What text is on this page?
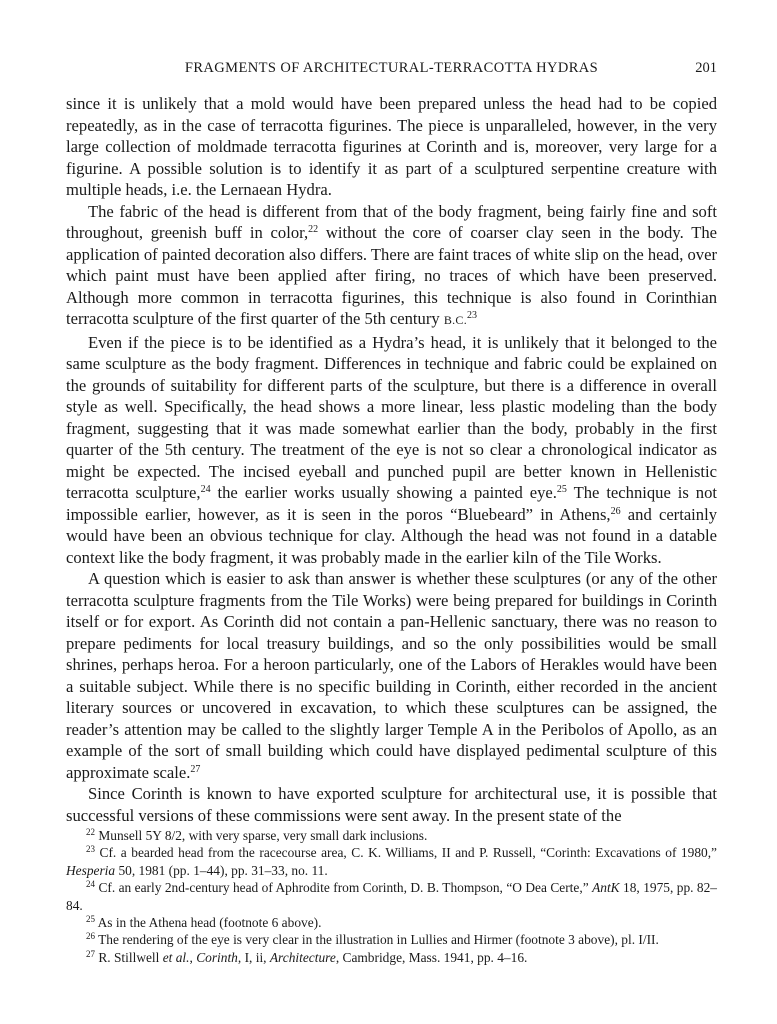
FRAGMENTS OF ARCHITECTURAL-TERRACOTTA HYDRAS	201

since it is unlikely that a mold would have been prepared unless the head had to be copied repeatedly, as in the case of terracotta figurines. The piece is unparalleled, however, in the very large collection of moldmade terracotta figurines at Corinth and is, moreover, very large for a figurine. A possible solution is to identify it as part of a sculptured serpentine creature with multiple heads, i.e. the Lernaean Hydra.

The fabric of the head is different from that of the body fragment, being fairly fine and soft throughout, greenish buff in color,$^{22}$ without the core of coarser clay seen in the body. The application of painted decoration also differs. There are faint traces of white slip on the head, over which paint must have been applied after firing, no traces of which have been preserved. Although more common in terracotta figurines, this technique is also found in Corinthian terracotta sculpture of the first quarter of the 5th century B.C.$^{23}$

Even if the piece is to be identified as a Hydra’s head, it is unlikely that it belonged to the same sculpture as the body fragment. Differences in technique and fabric could be explained on the grounds of suitability for different parts of the sculpture, but there is a difference in overall style as well. Specifically, the head shows a more linear, less plastic modeling than the body fragment, suggesting that it was made somewhat earlier than the body, probably in the first quarter of the 5th century. The treatment of the eye is not so clear a chronological indicator as might be expected. The incised eyeball and punched pupil are better known in Hellenistic terracotta sculpture,$^{24}$ the earlier works usually showing a painted eye.$^{25}$ The technique is not impossible earlier, however, as it is seen in the poros “Bluebeard” in Athens,$^{26}$ and certainly would have been an obvious technique for clay. Although the head was not found in a datable context like the body fragment, it was probably made in the earlier kiln of the Tile Works.

A question which is easier to ask than answer is whether these sculptures (or any of the other terracotta sculpture fragments from the Tile Works) were being prepared for buildings in Corinth itself or for export. As Corinth did not contain a pan-Hellenic sanctuary, there was no reason to prepare pediments for local treasury buildings, and so the only possibilities would be small shrines, perhaps heroa. For a heroon particularly, one of the Labors of Herakles would have been a suitable subject. While there is no specific building in Corinth, either recorded in the ancient literary sources or uncovered in excavation, to which these sculptures can be assigned, the reader’s attention may be called to the slightly larger Temple A in the Peribolos of Apollo, as an example of the sort of small building which could have displayed pedimental sculpture of this approximate scale.$^{27}$

Since Corinth is known to have exported sculpture for architectural use, it is possible that successful versions of these commissions were sent away. In the present state of the

$^{22}$ Munsell 5Y 8/2, with very sparse, very small dark inclusions.

$^{23}$ Cf. a bearded head from the racecourse area, C. K. Williams, II and P. Russell, “Corinth: Excavations of 1980,” Hesperia 50, 1981 (pp. 1–44), pp. 31–33, no. 11.

$^{24}$ Cf. an early 2nd-century head of Aphrodite from Corinth, D. B. Thompson, “O Dea Certe,” AntK 18, 1975, pp. 82–84.

$^{25}$ As in the Athena head (footnote 6 above).

$^{26}$ The rendering of the eye is very clear in the illustration in Lullies and Hirmer (footnote 3 above), pl. I/II.

$^{27}$ R. Stillwell et al., Corinth, I, ii, Architecture, Cambridge, Mass. 1941, pp. 4–16.
